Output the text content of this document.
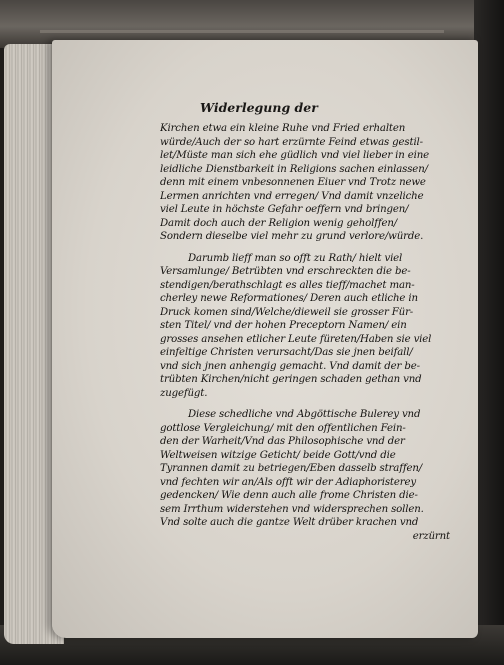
Widerlegung der
Kirchen etwa ein kleine Ruhe vnd Fried erhalten
würde/Auch der so hart erzürnte Feind etwas gestil-
let/Müste man sich ehe güdlich vnd viel lieber in eine
leidliche Dienstbarkeit in Religions sachen einlassen/
denn mit einem vnbesonnenen Eiuer vnd Trotz newe
Lermen anrichten vnd erregen/ Vnd damit vnzeliche
viel Leute in höchste Gefahr oeffern vnd bringen/
Damit doch auch der Religion wenig geholffen/
Sondern dieselbe viel mehr zu grund verlore/würde.
Darumb lieff man so offt zu Rath/ hielt viel
Versamlunge/ Betrübten vnd erschreckten die be-
stendigen/berathschlagt es alles tieff/machet man-
cherley newe Reformationes/ Deren auch etliche in
Druck komen sind/Welche/dieweil sie grosser Für-
sten Titel/ vnd der hohen Preceptorn Namen/ ein
grosses ansehen etlicher Leute füreten/Haben sie viel
einfeltige Christen verursacht/Das sie jnen beifall/
vnd sich jnen anhengig gemacht. Vnd damit der be-
trübten Kirchen/nicht geringen schaden gethan vnd
zugefügt.
Diese schedliche vnd Abgöttische Bulerey vnd
gottlose Vergleichung/ mit den offentlichen Fein-
den der Warheit/Vnd das Philosophische vnd der
Weltweisen witzige Geticht/ beide Gott/vnd die
Tyrannen damit zu betriegen/Eben dasselb straffen/
vnd fechten wir an/Als offt wir der Adiaphoristerey
gedencken/ Wie denn auch alle frome Christen die-
sem Irrthum widerstehen vnd widersprechen sollen.
Vnd solte auch die gantze Welt drüber krachen vnd
erzürnt
